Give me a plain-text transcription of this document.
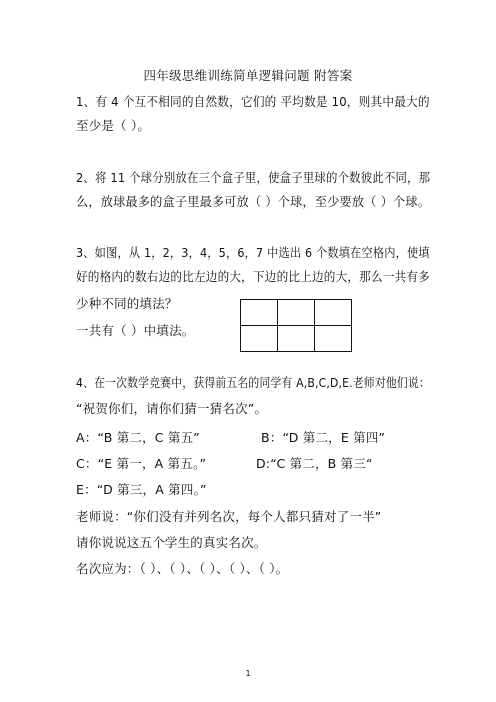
四年级思维训练简单逻辑问题 附答案
1、有 4 个互不相同的自然数，它们的 平均数是 10，则其中最大的
至少是（ ）。
2、将 11 个球分别放在三个盒子里，使盒子里球的个数彼此不同，那
么，放球最多的盒子里最多可放（ ）个球，至少要放（ ）个球。
3、如图，从 1，2，3，4，5，6，7 中选出 6 个数填在空格内，使填
好的格内的数右边的比左边的大，下边的比上边的大，那么一共有多
少种不同的填法？
一共有（ ）中填法。

4、在一次数学竞赛中，获得前五名的同学有 A,B,C,D,E.老师对他们说：
“祝贺你们，请你们猜一猜名次”。
A：“B 第二，C 第五”	B：“D 第二，E 第四”
C：“E 第一，A 第五。”	D:“C 第二，B 第三“
E：“D 第三，A 第四。”
老师说：“你们没有并列名次，每个人都只猜对了一半”
请你说说这五个学生的真实名次。
名次应为：（ ）、（ ）、（ ）、（ ）、（ ）。
1
